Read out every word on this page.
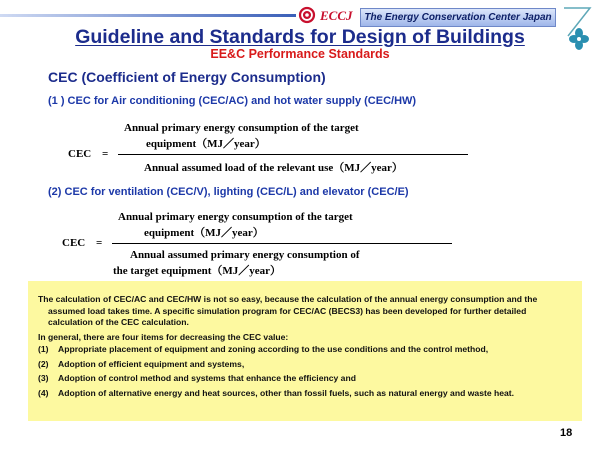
ECCJ	The Energy Conservation Center Japan
Guideline and Standards for Design of Buildings
EE&C Performance Standards
CEC (Coefficient of Energy Consumption)
(1 ) CEC for Air conditioning (CEC/AC) and hot water supply (CEC/HW)
Annual primary energy consumption of the target
equipment（MJ／year）
CEC =
Annual assumed load of the relevant use（MJ／year）
(2) CEC for ventilation (CEC/V), lighting (CEC/L) and elevator (CEC/E)
Annual primary energy consumption of the target
equipment（MJ／year）
CEC =
Annual assumed primary energy consumption of
the target equipment（MJ／year）
The calculation of CEC/AC and CEC/HW is not so easy, because the calculation of the annual energy consumption and the assumed load takes time. A specific simulation program for CEC/AC (BECS3) has been developed for further detailed calculation of the CEC calculation.
In general, there are four items for decreasing the CEC value:
(1)	Appropriate placement of equipment and zoning according to the use conditions and the control method,
(2)	Adoption of efficient equipment and systems,
(3)	Adoption of control method and systems that enhance the efficiency and
(4)	Adoption of alternative energy and heat sources, other than fossil fuels, such as natural energy and waste heat.
18
